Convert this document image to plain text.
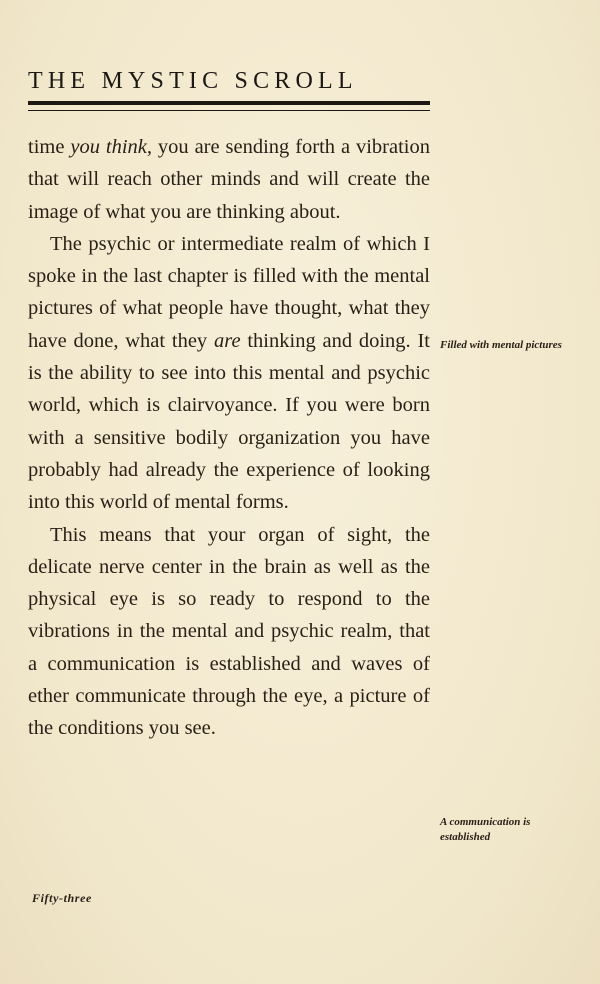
THE MYSTIC SCROLL

time you think, you are sending forth a vibration that will reach other minds and will create the image of what you are thinking about.

The psychic or intermediate realm of which I spoke in the last chapter is filled with the mental pictures of what people have thought, what they have done, what they are thinking and doing. It is the ability to see into this mental and psychic world, which is clairvoyance. If you were born with a sensitive bodily organization you have probably had already the experience of looking into this world of mental forms.

This means that your organ of sight, the delicate nerve center in the brain as well as the physical eye is so ready to respond to the vibrations in the mental and psychic realm, that a communication is established and waves of ether communicate through the eye, a picture of the conditions you see.

Filled with mental pictures
A communication is established
Fifty-three
